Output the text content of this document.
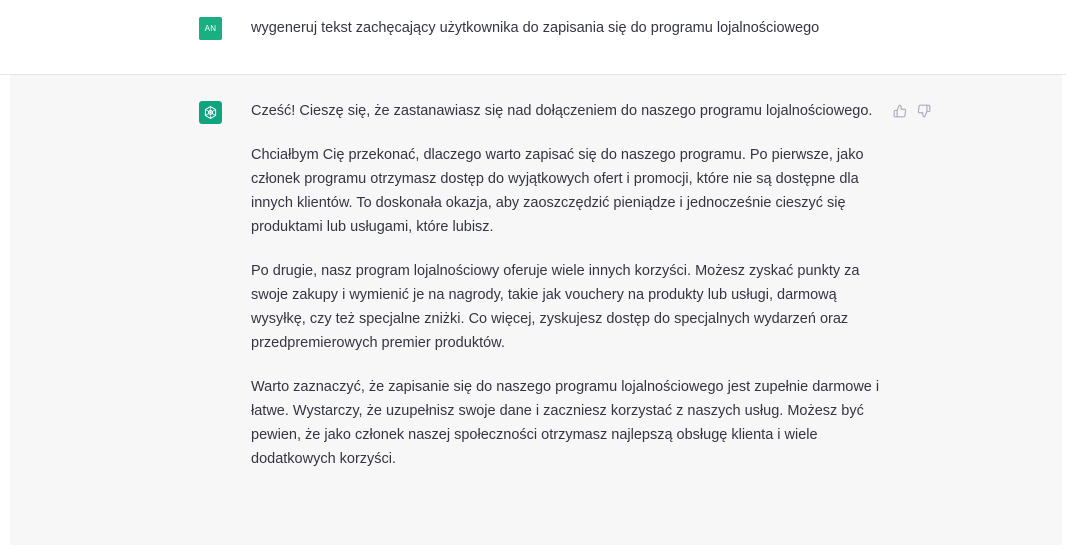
AN wygeneruj tekst zachęcający użytkownika do zapisania się do programu lojalnościowego

Cześć! Cieszę się, że zastanawiasz się nad dołączeniem do naszego programu lojalnościowego.

Chciałbym Cię przekonać, dlaczego warto zapisać się do naszego programu. Po pierwsze, jako członek programu otrzymasz dostęp do wyjątkowych ofert i promocji, które nie są dostępne dla innych klientów. To doskonała okazja, aby zaoszczędzić pieniądze i jednocześnie cieszyć się produktami lub usługami, które lubisz.

Po drugie, nasz program lojalnościowy oferuje wiele innych korzyści. Możesz zyskać punkty za swoje zakupy i wymienić je na nagrody, takie jak vouchery na produkty lub usługi, darmową wysyłkę, czy też specjalne zniżki. Co więcej, zyskujesz dostęp do specjalnych wydarzeń oraz przedpremierowych premier produktów.

Warto zaznaczyć, że zapisanie się do naszego programu lojalnościowego jest zupełnie darmowe i łatwe. Wystarczy, że uzupełnisz swoje dane i zaczniesz korzystać z naszych usług. Możesz być pewien, że jako członek naszej społeczności otrzymasz najlepszą obsługę klienta i wiele dodatkowych korzyści.
